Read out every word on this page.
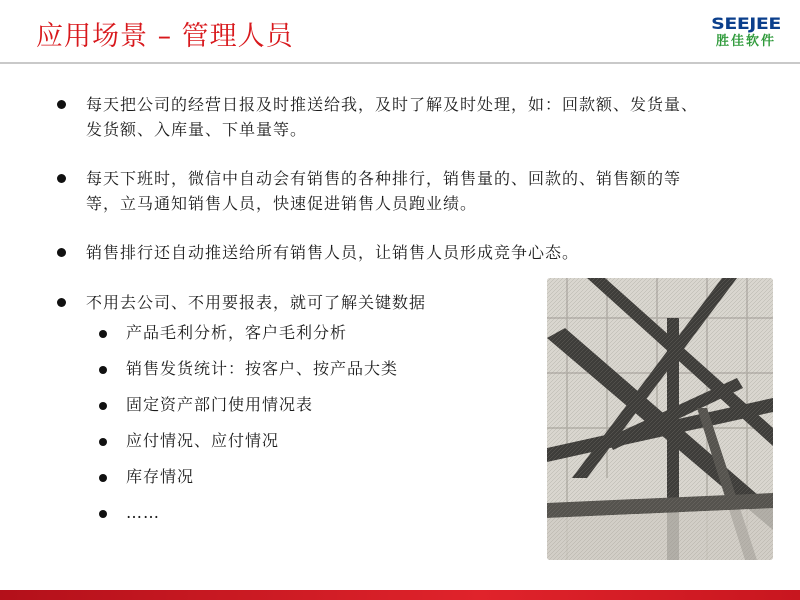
应用场景 – 管理人员	SEEJEE
胜佳软件
每天把公司的经营日报及时推送给我，及时了解及时处理，如：回款额、发货量、发货额、入库量、下单量等。
每天下班时，微信中自动会有销售的各种排行，销售量的、回款的、销售额的等等，立马通知销售人员，快速促进销售人员跑业绩。
销售排行还自动推送给所有销售人员，让销售人员形成竞争心态。
不用去公司、不用要报表，就可了解关键数据
产品毛利分析，客户毛利分析
销售发货统计：按客户、按产品大类
固定资产部门使用情况表
应付情况、应付情况
库存情况
……
